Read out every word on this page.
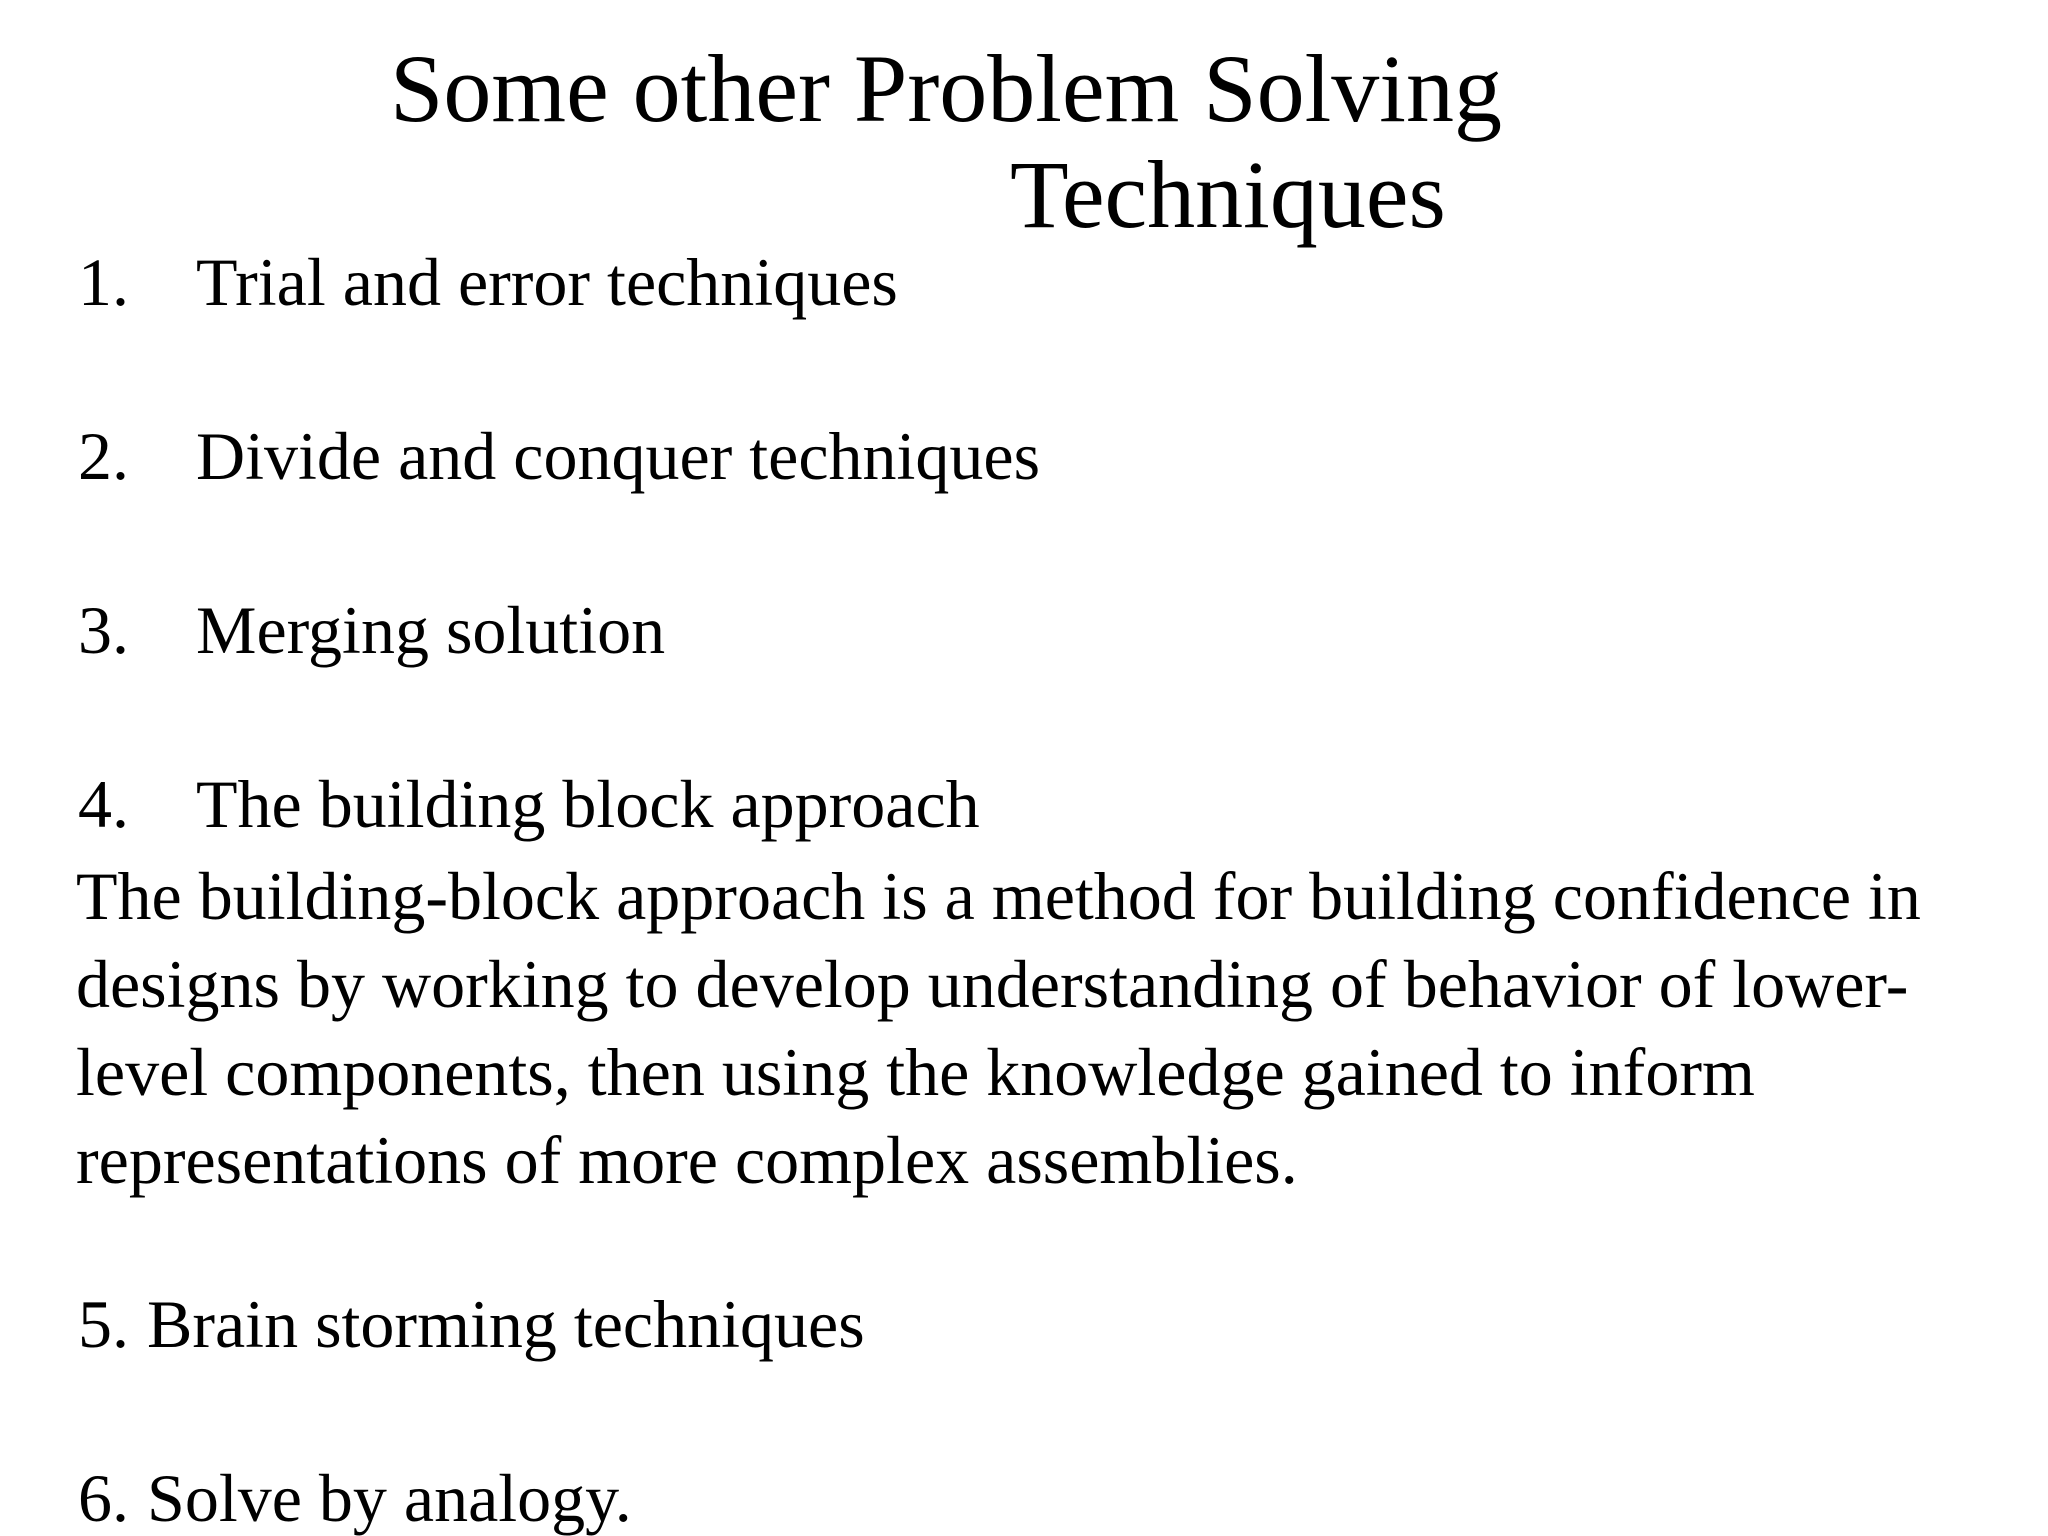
Some other Problem Solving
Techniques
1. Trial and error techniques
2. Divide and conquer techniques
3. Merging solution
4. The building block approach

The building-block approach is a method for building confidence in
designs by working to develop understanding of behavior of lower-
level components, then using the knowledge gained to inform
representations of more complex assemblies.

5. Brain storming techniques
6. Solve by analogy.
